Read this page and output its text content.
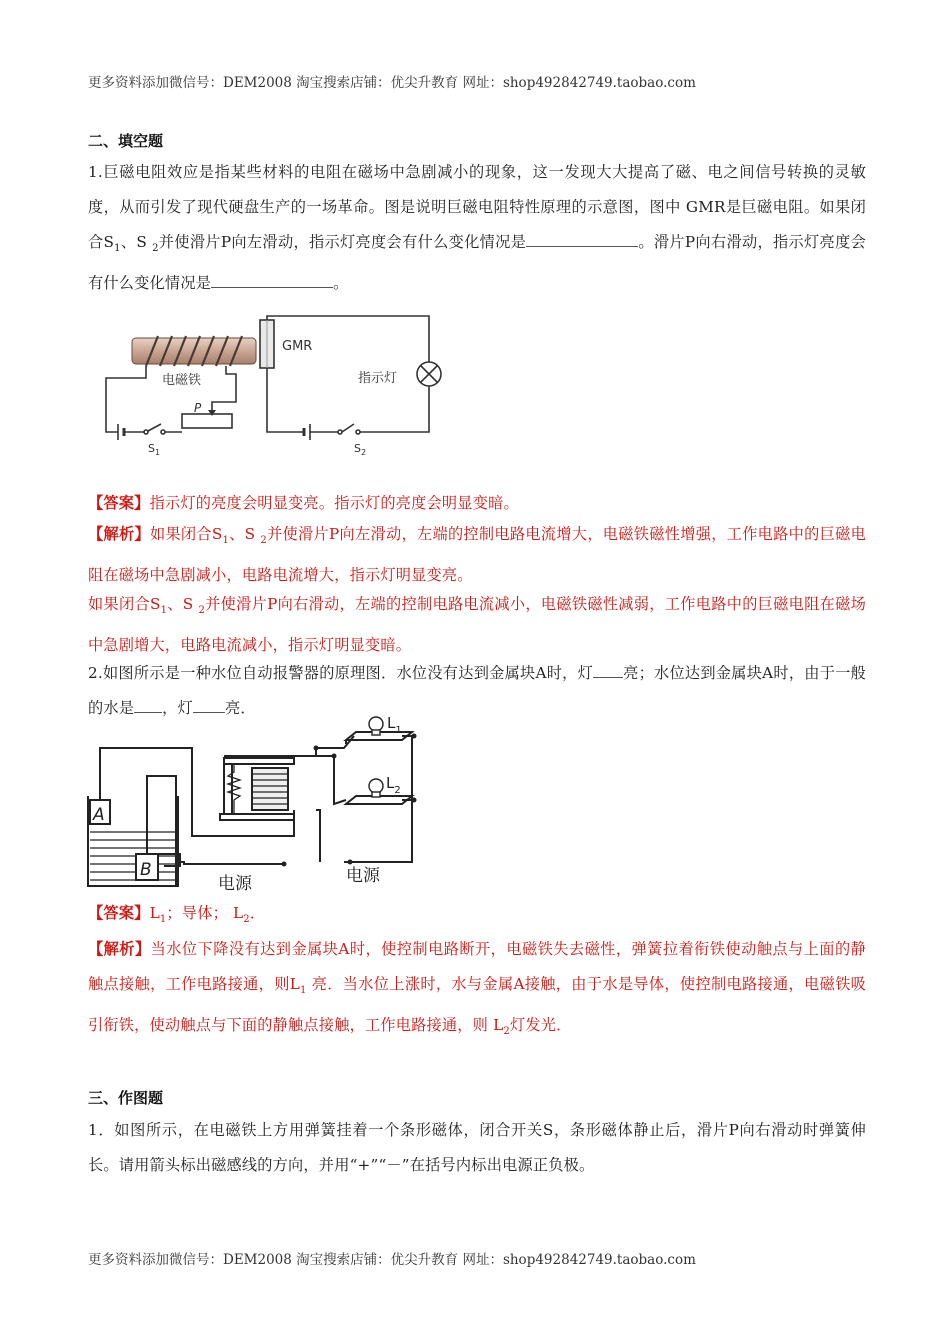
更多资料添加微信号：DEM2008 淘宝搜索店铺：优尖升教育 网址：shop492842749.taobao.com
二、填空题
1.巨磁电阻效应是指某些材料的电阻在磁场中急剧减小的现象，这一发现大大提高了磁、电之间信号转换的灵敏度，从而引发了现代硬盘生产的一场革命。图是说明巨磁电阻特性原理的示意图，图中 GMR是巨磁电阻。如果闭合$S_1$、S $_2$并使滑片P向左滑动，指示灯亮度会有什么变化情况是	。滑片P向右滑动，指示灯亮度会有什么变化情况是	。
GMR
电磁铁	指示灯
P
$S_1$	$S_2$
【答案】指示灯的亮度会明显变亮。指示灯的亮度会明显变暗。
【解析】如果闭合$S_1$、S $_2$并使滑片P向左滑动，左端的控制电路电流增大，电磁铁磁性增强，工作电路中的巨磁电阻在磁场中急剧减小，电路电流增大，指示灯明显变亮。
如果闭合$S_1$、S $_2$并使滑片P向右滑动，左端的控制电路电流减小，电磁铁磁性减弱，工作电路中的巨磁电阻在磁场中急剧增大，电路电流减小，指示灯明显变暗。
2.如图所示是一种水位自动报警器的原理图．水位没有达到金属块A时，灯 亮；水位达到金属块A时，由于一般的水是 ，灯 亮．
A
B
电源	电源
$L_1$
$L_2$
【答案】$L_1$；导体； $L_2$．
【解析】当水位下降没有达到金属块A时，使控制电路断开，电磁铁失去磁性，弹簧拉着衔铁使动触点与上面的静触点接触，工作电路接通，则$L_1$ 亮．当水位上涨时，水与金属A接触，由于水是导体，使控制电路接通，电磁铁吸引衔铁，使动触点与下面的静触点接触，工作电路接通，则 $L_2$灯发光．
三、作图题
1．如图所示，在电磁铁上方用弹簧挂着一个条形磁体，闭合开关S，条形磁体静止后，滑片P向右滑动时弹簧伸长。请用箭头标出磁感线的方向，并用“+”“－”在括号内标出电源正负极。
更多资料添加微信号：DEM2008 淘宝搜索店铺：优尖升教育 网址：shop492842749.taobao.com
